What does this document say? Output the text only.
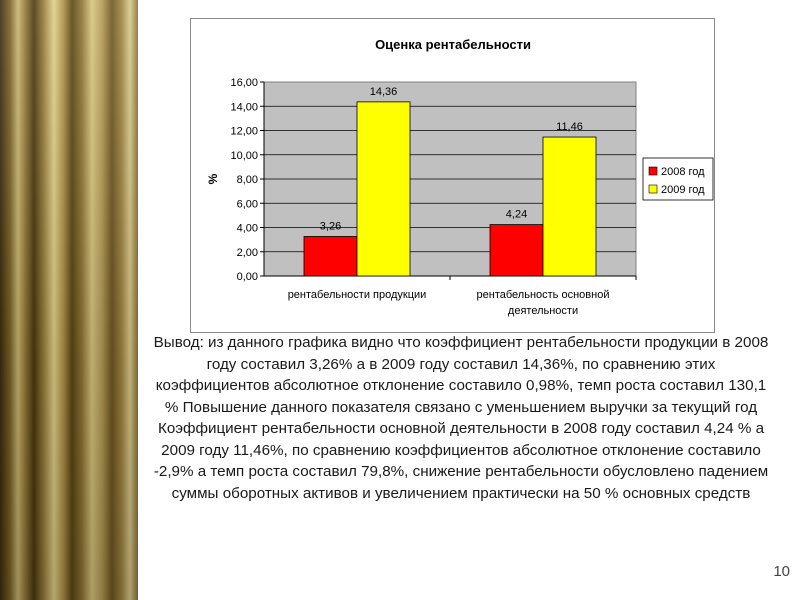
Оценка рентабельности
%
0,00
2,00
4,00
6,00
8,00
10,00
12,00
14,00
16,00
3,26
14,36
рентабельности продукции
4,24
11,46
рентабельность основной деятельности
2008 год
2009 год

Вывод: из данного графика видно что коэффициент рентабельности продукции в 2008 году составил 3,26% а в 2009 году составил 14,36%, по сравнению этих коэффициентов абсолютное отклонение составило 0,98%, темп роста составил 130,1 % Повышение данного показателя связано с уменьшением выручки за текущий год Коэффициент рентабельности основной деятельности в 2008 году составил 4,24 % а 2009 году 11,46%, по сравнению коэффициентов абсолютное отклонение составило -2,9% а темп роста составил 79,8%, снижение рентабельности обусловлено падением суммы оборотных активов и увеличением практически на 50 % основных средств

10
